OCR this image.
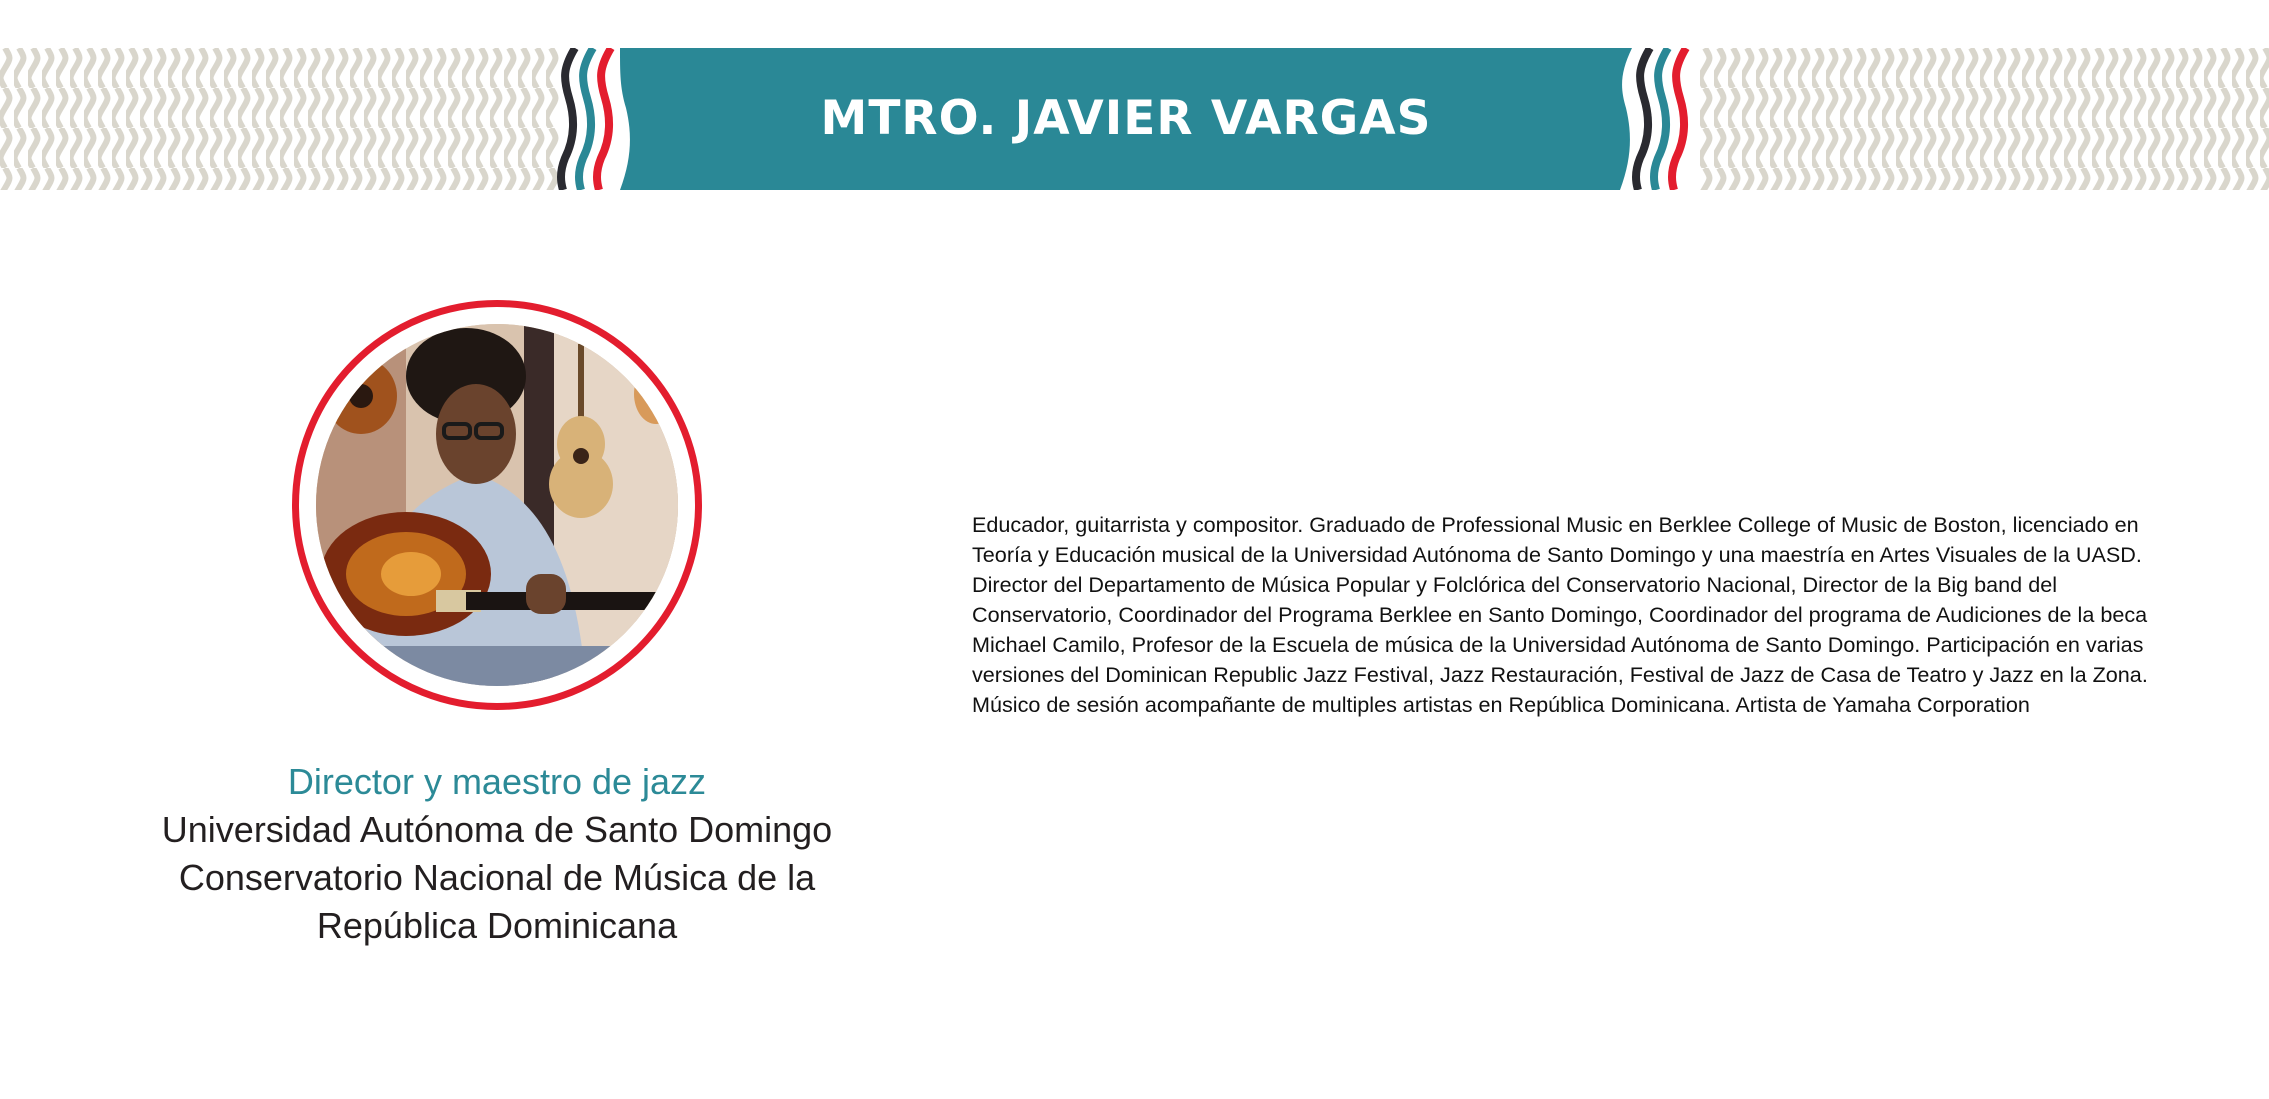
MTRO. JAVIER VARGAS
Director y maestro de jazz
Universidad Autónoma de Santo Domingo
Conservatorio Nacional de Música de la
República Dominicana

Educador, guitarrista y compositor. Graduado de Professional Music en Berklee College of Music de Boston, licenciado en Teoría y Educación musical de la Universidad Autónoma de Santo Domingo y una maestría en Artes Visuales de la UASD. Director del Departamento de Música Popular y Folclórica del Conservatorio Nacional, Director de la Big band del Conservatorio, Coordinador del Programa Berklee en Santo Domingo, Coordinador del programa de Audiciones de la beca Michael Camilo, Profesor de la Escuela de música de la Universidad Autónoma de Santo Domingo. Participación en varias versiones del Dominican Republic Jazz Festival, Jazz Restauración, Festival de Jazz de Casa de Teatro y Jazz en la Zona. Músico de sesión acompañante de multiples artistas en República Dominicana. Artista de Yamaha Corporation
